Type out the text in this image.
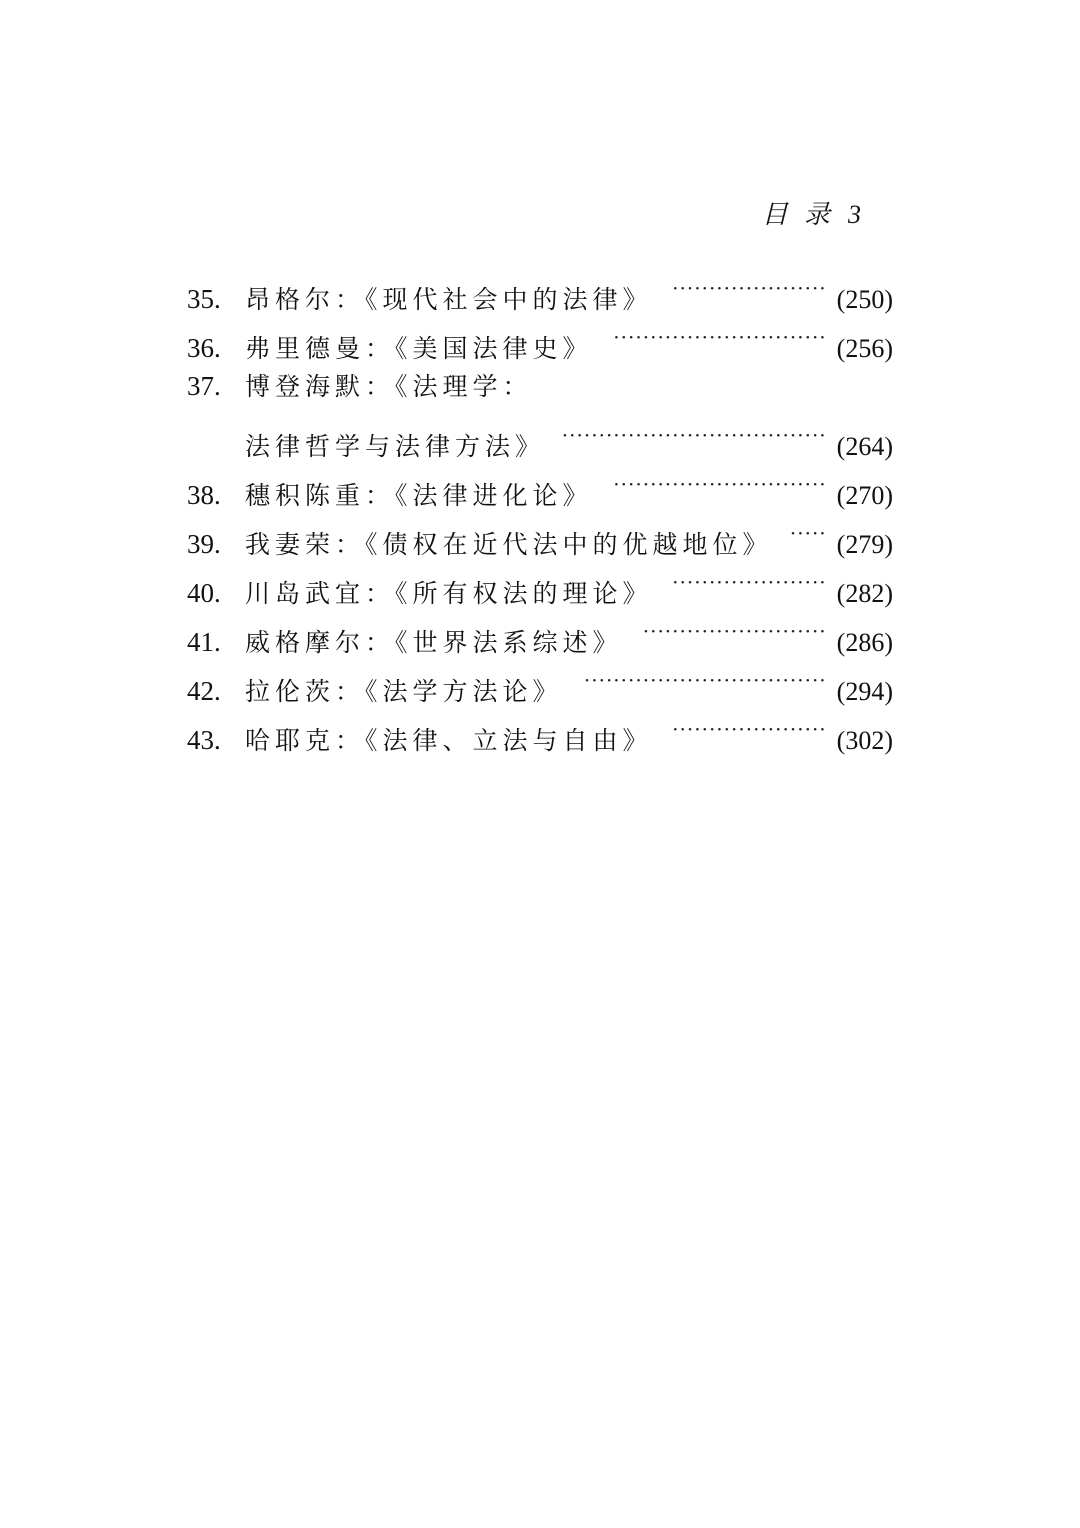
目 录 3
35. 昂格尔：《现代社会中的法律》 ·····	(250)
36. 弗里德曼：《美国法律史》 ·····	(256)
37. 博登海默：《法理学：
法律哲学与法律方法》 ·····	(264)
38. 穗积陈重：《法律进化论》 ·····	(270)
39. 我妻荣：《债权在近代法中的优越地位》 ····· (279)
40. 川岛武宜：《所有权法的理论》 ·····	(282)
41. 威格摩尔：《世界法系综述》 ·····	(286)
42. 拉伦茨：《法学方法论》 ·····	(294)
43. 哈耶克：《法律、立法与自由》 ·····	(302)
